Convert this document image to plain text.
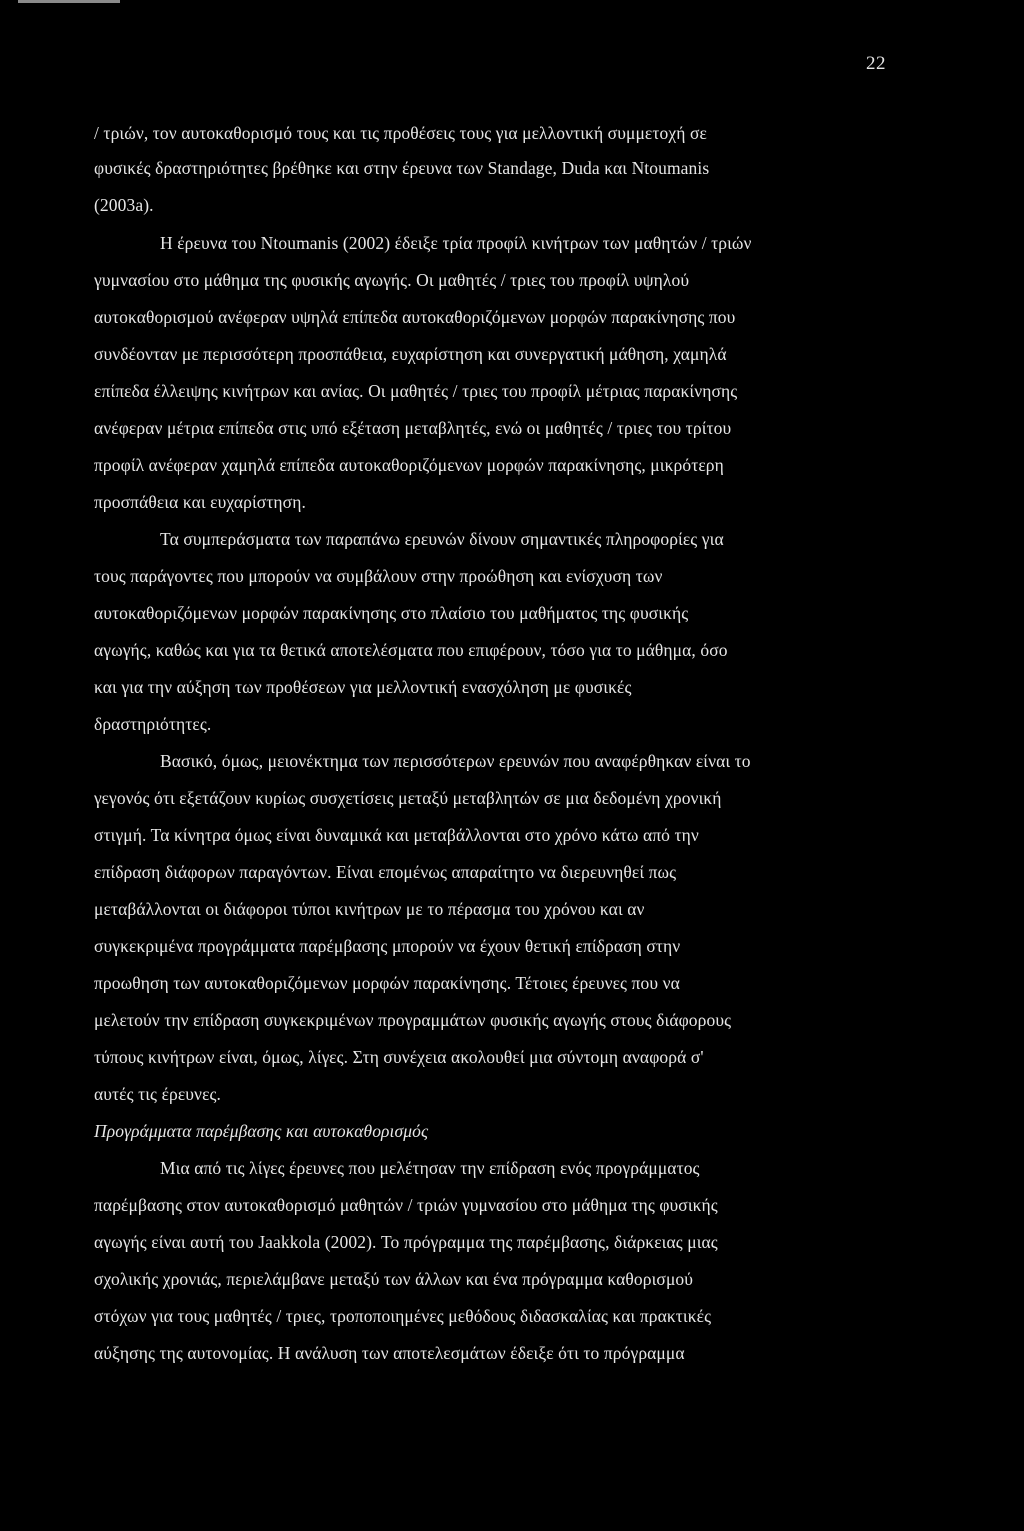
22
/ τριών, τον αυτοκαθορισμό τους και τις προθέσεις τους για μελλοντική συμμετοχή σε
φυσικές δραστηριότητες βρέθηκε και στην έρευνα των Standage, Duda και Ntoumanis
(2003a).
Η έρευνα του Ntoumanis (2002) έδειξε τρία προφίλ κινήτρων των μαθητών / τριών
γυμνασίου στο μάθημα της φυσικής αγωγής. Οι μαθητές / τριες του προφίλ υψηλού
αυτοκαθορισμού ανέφεραν υψηλά επίπεδα αυτοκαθοριζόμενων μορφών παρακίνησης που
συνδέονταν με περισσότερη προσπάθεια, ευχαρίστηση και συνεργατική μάθηση, χαμηλά
επίπεδα έλλειψης κινήτρων και ανίας. Οι μαθητές / τριες του προφίλ μέτριας παρακίνησης
ανέφεραν μέτρια επίπεδα στις υπό εξέταση μεταβλητές, ενώ οι μαθητές / τριες του τρίτου
προφίλ ανέφεραν χαμηλά επίπεδα αυτοκαθοριζόμενων μορφών παρακίνησης, μικρότερη
προσπάθεια και ευχαρίστηση.
Τα συμπεράσματα των παραπάνω ερευνών δίνουν σημαντικές πληροφορίες για
τους παράγοντες που μπορούν να συμβάλουν στην προώθηση και ενίσχυση των
αυτοκαθοριζόμενων μορφών παρακίνησης στο πλαίσιο του μαθήματος της φυσικής
αγωγής, καθώς και για τα θετικά αποτελέσματα που επιφέρουν, τόσο για το μάθημα, όσο
και για την αύξηση των προθέσεων για μελλοντική ενασχόληση με φυσικές
δραστηριότητες.
Βασικό, όμως, μειονέκτημα των περισσότερων ερευνών που αναφέρθηκαν είναι το
γεγονός ότι εξετάζουν κυρίως συσχετίσεις μεταξύ μεταβλητών σε μια δεδομένη χρονική
στιγμή. Τα κίνητρα όμως είναι δυναμικά και μεταβάλλονται στο χρόνο κάτω από την
επίδραση διάφορων παραγόντων. Είναι επομένως απαραίτητο να διερευνηθεί πως
μεταβάλλονται οι διάφοροι τύποι κινήτρων με το πέρασμα του χρόνου και αν
συγκεκριμένα προγράμματα παρέμβασης μπορούν να έχουν θετική επίδραση στην
προωθηση των αυτοκαθοριζόμενων μορφών παρακίνησης. Τέτοιες έρευνες που να
μελετούν την επίδραση συγκεκριμένων προγραμμάτων φυσικής αγωγής στους διάφορους
τύπους κινήτρων είναι, όμως, λίγες. Στη συνέχεια ακολουθεί μια σύντομη αναφορά σ'
αυτές τις έρευνες.
Προγράμματα παρέμβασης και αυτοκαθορισμός
Μια από τις λίγες έρευνες που μελέτησαν την επίδραση ενός προγράμματος
παρέμβασης στον αυτοκαθορισμό μαθητών / τριών γυμνασίου στο μάθημα της φυσικής
αγωγής είναι αυτή του Jaakkola (2002). Το πρόγραμμα της παρέμβασης, διάρκειας μιας
σχολικής χρονιάς, περιελάμβανε μεταξύ των άλλων και ένα πρόγραμμα καθορισμού
στόχων για τους μαθητές / τριες, τροποποιημένες μεθόδους διδασκαλίας και πρακτικές
αύξησης της αυτονομίας. Η ανάλυση των αποτελεσμάτων έδειξε ότι το πρόγραμμα
